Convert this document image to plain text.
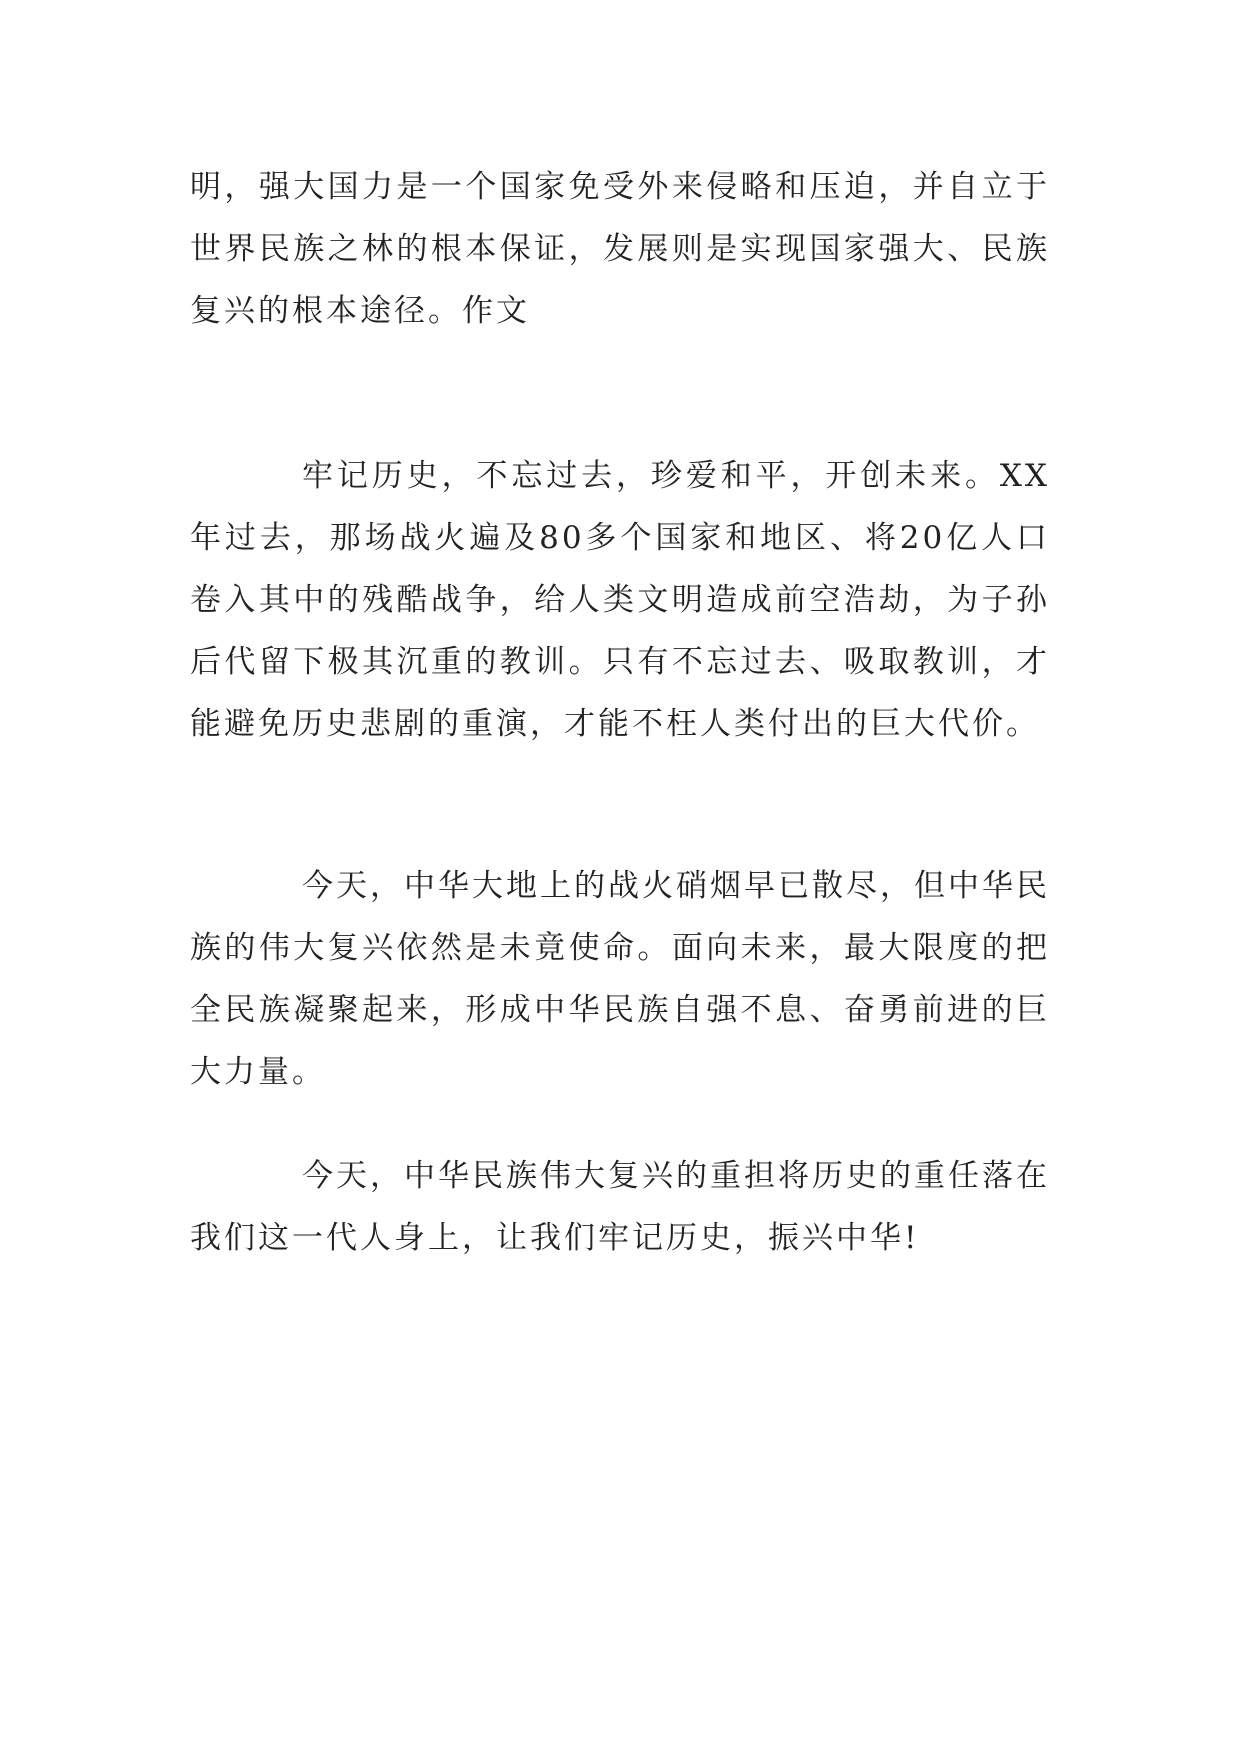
明，强大国力是一个国家免受外来侵略和压迫，并自立于世界民族之林的根本保证，发展则是实现国家强大、民族复兴的根本途径。作文

牢记历史，不忘过去，珍爱和平，开创未来。XX年过去，那场战火遍及80多个国家和地区、将20亿人口卷入其中的残酷战争，给人类文明造成前空浩劫，为子孙后代留下极其沉重的教训。只有不忘过去、吸取教训，才能避免历史悲剧的重演，才能不枉人类付出的巨大代价。

今天，中华大地上的战火硝烟早已散尽，但中华民族的伟大复兴依然是未竟使命。面向未来，最大限度的把全民族凝聚起来，形成中华民族自强不息、奋勇前进的巨大力量。

今天，中华民族伟大复兴的重担将历史的重任落在我们这一代人身上，让我们牢记历史，振兴中华!
